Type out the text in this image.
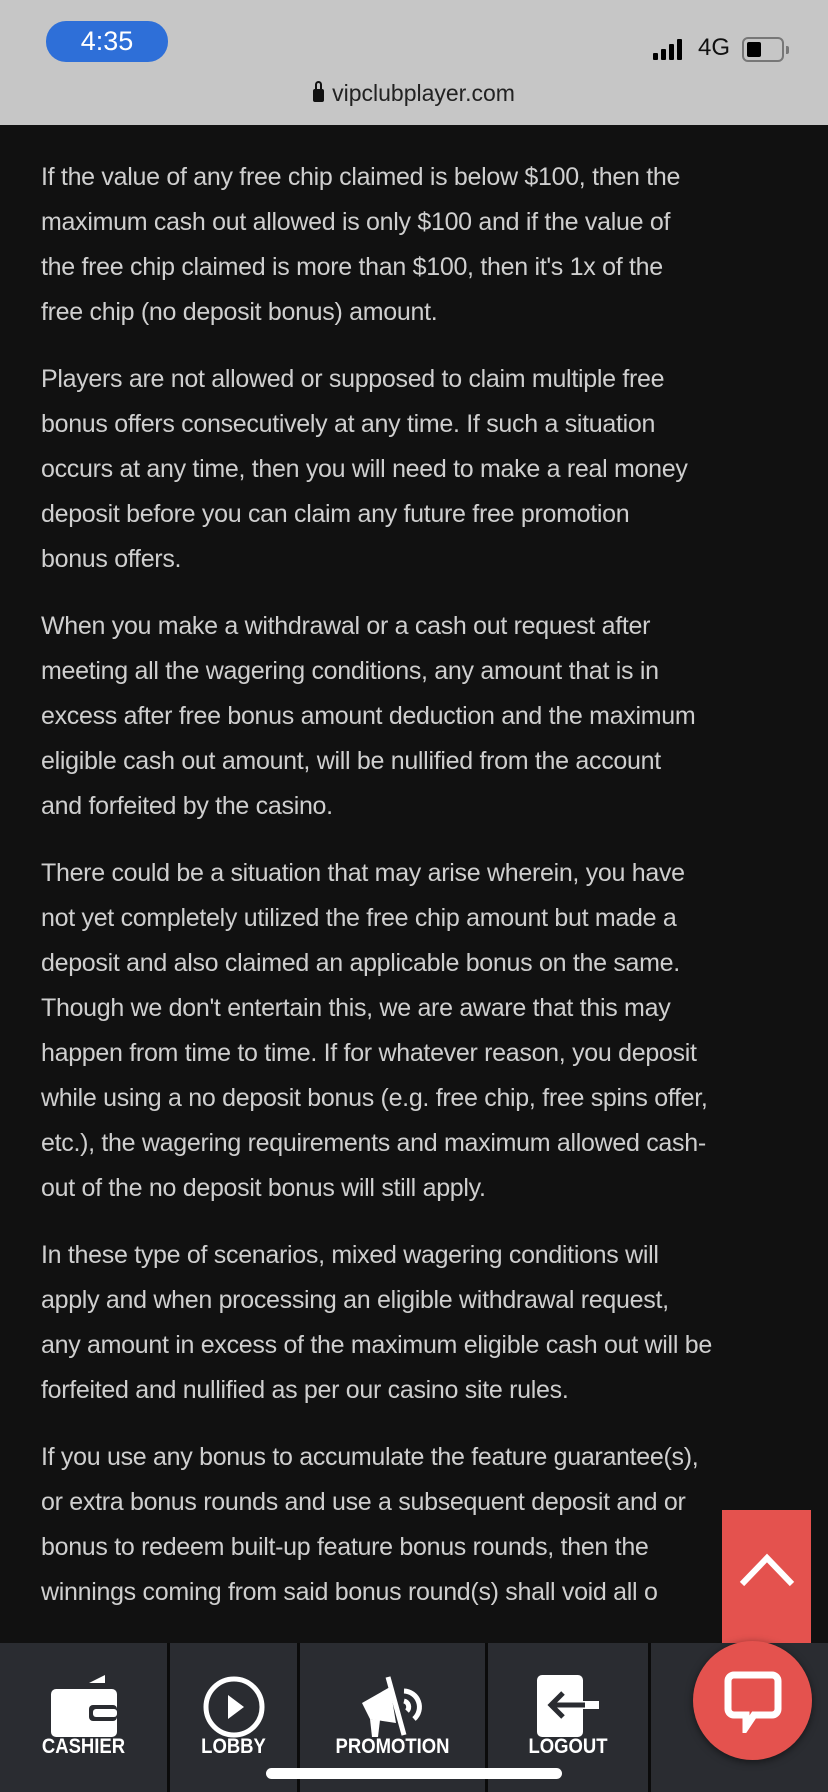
4:35	4G
vipclubplayer.com
If the value of any free chip claimed is below $100, then the
maximum cash out allowed is only $100 and if the value of
the free chip claimed is more than $100, then it's 1x of the
free chip (no deposit bonus) amount.
Players are not allowed or supposed to claim multiple free
bonus offers consecutively at any time. If such a situation
occurs at any time, then you will need to make a real money
deposit before you can claim any future free promotion
bonus offers.
When you make a withdrawal or a cash out request after
meeting all the wagering conditions, any amount that is in
excess after free bonus amount deduction and the maximum
eligible cash out amount, will be nullified from the account
and forfeited by the casino.
There could be a situation that may arise wherein, you have
not yet completely utilized the free chip amount but made a
deposit and also claimed an applicable bonus on the same.
Though we don't entertain this, we are aware that this may
happen from time to time. If for whatever reason, you deposit
while using a no deposit bonus (e.g. free chip, free spins offer,
etc.), the wagering requirements and maximum allowed cash-
out of the no deposit bonus will still apply.
In these type of scenarios, mixed wagering conditions will
apply and when processing an eligible withdrawal request,
any amount in excess of the maximum eligible cash out will be
forfeited and nullified as per our casino site rules.
If you use any bonus to accumulate the feature guarantee(s),
or extra bonus rounds and use a subsequent deposit and or
bonus to redeem built-up feature bonus rounds, then the
winnings coming from said bonus round(s) shall void all o
CASHIER	LOBBY	PROMOTION	LOGOUT
